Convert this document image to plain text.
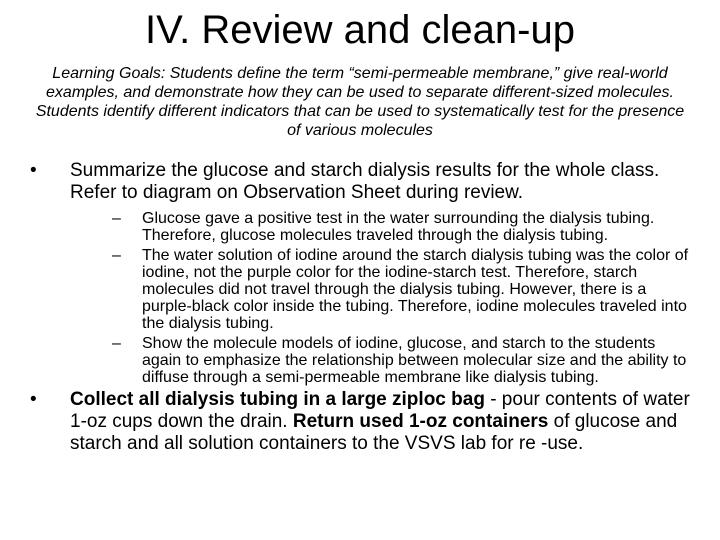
IV. Review and clean-up

Learning Goals: Students define the term “semi-permeable membrane,” give real-world examples, and demonstrate how they can be used to separate different-sized molecules. Students identify different indicators that can be used to systematically test for the presence of various molecules

•	Summarize the glucose and starch dialysis results for the whole class. Refer to diagram on Observation Sheet during review.
– Glucose gave a positive test in the water surrounding the dialysis tubing. Therefore, glucose molecules traveled through the dialysis tubing.
– The water solution of iodine around the starch dialysis tubing was the color of iodine, not the purple color for the iodine-starch test. Therefore, starch molecules did not travel through the dialysis tubing. However, there is a purple-black color inside the tubing. Therefore, iodine molecules traveled into the dialysis tubing.
– Show the molecule models of iodine, glucose, and starch to the students again to emphasize the relationship between molecular size and the ability to diffuse through a semi-permeable membrane like dialysis tubing.
•	Collect all dialysis tubing in a large ziploc bag - pour contents of water 1-oz cups down the drain. Return used 1-oz containers of glucose and starch and all solution containers to the VSVS lab for re -use.
